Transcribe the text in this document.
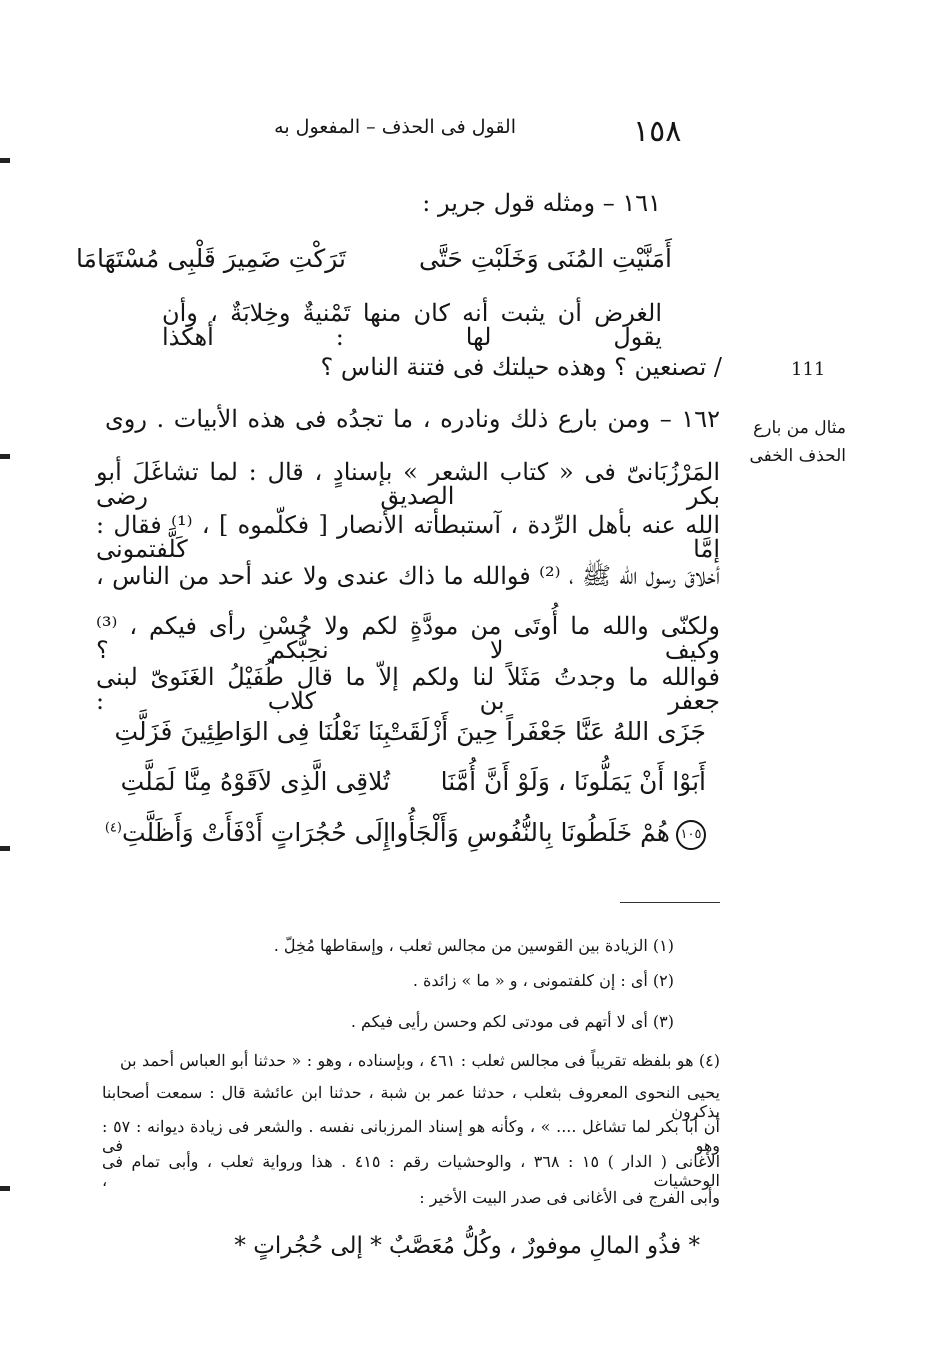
١٥٨
القول فى الحذف – المفعول به
١٦١ – ومثله قول جرير :
أَمَنَّيْتِ المُنَى وَخَلَبْتِ حَتَّى
تَرَكْتِ ضَمِيرَ قَلْبِى مُسْتَهَامَا
الغرض أن يثبت أنه كان منها تَمْنيةٌ وخِلابَةٌ ، وأن يقول لها : أهكذا
/ تصنعين ؟ وهذه حيلتك فى فتنة الناس ؟	111
مثال من بارع
الحذف الخفى
١٦٢ – ومن بارع ذلك ونادره ، ما تجدُه فى هذه الأبيات . روى
المَرْزُبَانىّ فى « كتاب الشعر » بإسنادٍ ، قال : لما تشاغَلَ أبو بكر الصديق رضى
الله عنه بأهل الرِّدة ، آستبطأته الأنصار [ فكلّموه ] ، ⁽¹⁾ فقال : إمَّا كَلَّفتمونى
أخلاقَ رسول الله ﷺ ، ⁽²⁾ فوالله ما ذاك عندى ولا عند أحد من الناس ،
ولكنّى والله ما أُوتَى من مودَّةٍ لكم ولا حُسْنِ رأى فيكم ، ⁽³⁾ وكيف لا نحِبُّكم ؟
فوالله ما وجدتُ مَثَلاً لنا ولكم إلاّ ما قال طُفَيْلُ الغَنَوىّ لبنى جعفر بن كلاب :
جَزَى اللهُ عَنَّا جَعْفَراً حِينَ أَزْلَقَتْ
بِنَا نَعْلُنَا فِى الوَاطِئِينَ فَزَلَّتِ
أَبَوْا أَنْ يَمَلُّونَا ، وَلَوْ أَنَّ أُمَّنَا
تُلاقِى الَّذِى لاَقَوْهُ مِنَّا لَمَلَّتِ
١٠٥هُمْ خَلَطُونَا بِالنُّفُوسِ وَأَلْجَأُوا
إِلَى حُجُرَاتٍ أَدْفَأَتْ وَأَظَلَّتِ$^{(٤)}$
(١) الزيادة بين القوسين من مجالس ثعلب ، وإسقاطها مُخِلّ .
(٢) أى : إن كلفتمونى ، و « ما » زائدة .
(٣) أى لا أتهم فى مودتى لكم وحسن رأيى فيكم .
(٤) هو بلفظه تقريباً فى مجالس ثعلب : ٤٦١ ، وبإسناده ، وهو : « حدثنا أبو العباس أحمد بن
يحيى النحوى المعروف بثعلب ، حدثنا عمر بن شبة ، حدثنا ابن عائشة قال : سمعت أصحابنا يذكرون
أن أبا بكر لما تشاغل .... » ، وكأنه هو إسناد المرزبانى نفسه . والشعر فى زيادة ديوانه : ٥٧ : وهو فى
الأغانى ( الدار ) ١٥ : ٣٦٨ ، والوحشيات رقم : ٤١٥ . هذا ورواية ثعلب ، وأبى تمام فى الوحشيات ،
وأبى الفرج فى الأغانى فى صدر البيت الأخير :
* فذُو المالِ موفورٌ ، وكُلُّ مُعَصَّبٌ * إلى حُجُراتٍ *
